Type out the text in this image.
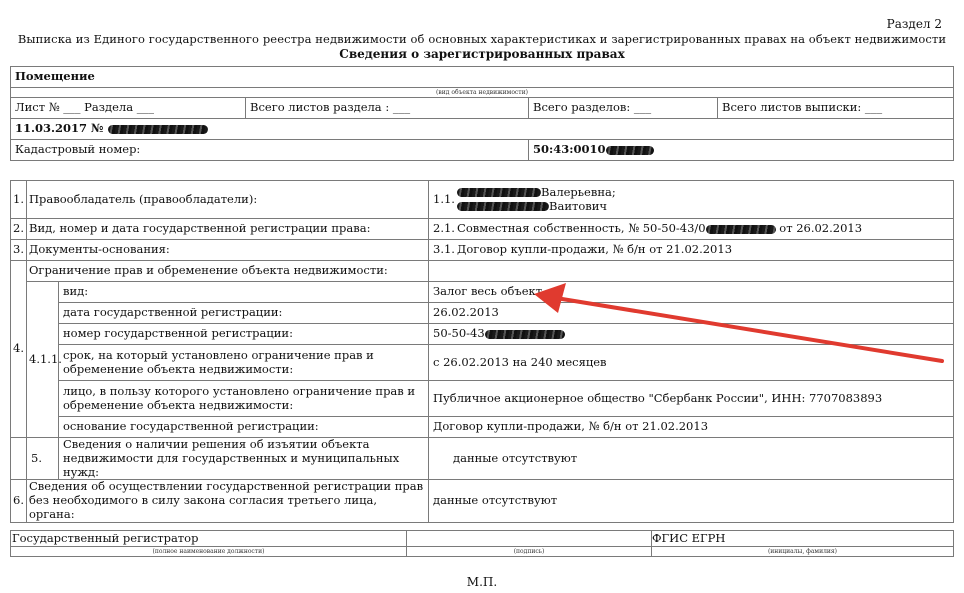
Раздел 2
Выписка из Единого государственного реестра недвижимости об основных характеристиках и зарегистрированных правах на объект недвижимости
Сведения о зарегистрированных правах
Помещение			
(вид объекта недвижимости)			
Лист № ___ Раздела ___	Всего листов раздела : ___	Всего разделов: ___	Всего листов выписки: ___
11.03.2017 №			
Кадастровый номер:		50:43:0010	
1.	Правообладатель (правообладатели):		1.1. Валерьевна;
Ваитович
2.	Вид, номер и дата государственной регистрации права:		2.1. Совместная собственность, № 50-50-43/0 от 26.02.2013
3.	Документы-основания:		3.1. Договор купли-продажи, № б/н от 21.02.2013
4.	Ограничение прав и обременение объекта недвижимости:		
	4.1.1.	вид:	Залог весь объект
		дата государственной регистрации:	26.02.2013
		номер государственной регистрации:	50-50-43
		срок, на который установлено ограничение прав и обременение объекта недвижимости:	с 26.02.2013 на 240 месяцев
		лицо, в пользу которого установлено ограничение прав и обременение объекта недвижимости:	Публичное акционерное общество "Сбербанк России", ИНН: 7707083893
		основание государственной регистрации:	Договор купли-продажи, № б/н от 21.02.2013
	5.	Сведения о наличии решения об изъятии объекта недвижимости для государственных и муниципальных нужд:	данные отсутствуют
6.	Сведения об осуществлении государственной регистрации прав без необходимого в силу закона согласия третьего лица, органа:		данные отсутствуют
Государственный регистратор		ФГИС ЕГРН
(полное наименование должности)	(подпись)	(инициалы, фамилия)
М.П.
